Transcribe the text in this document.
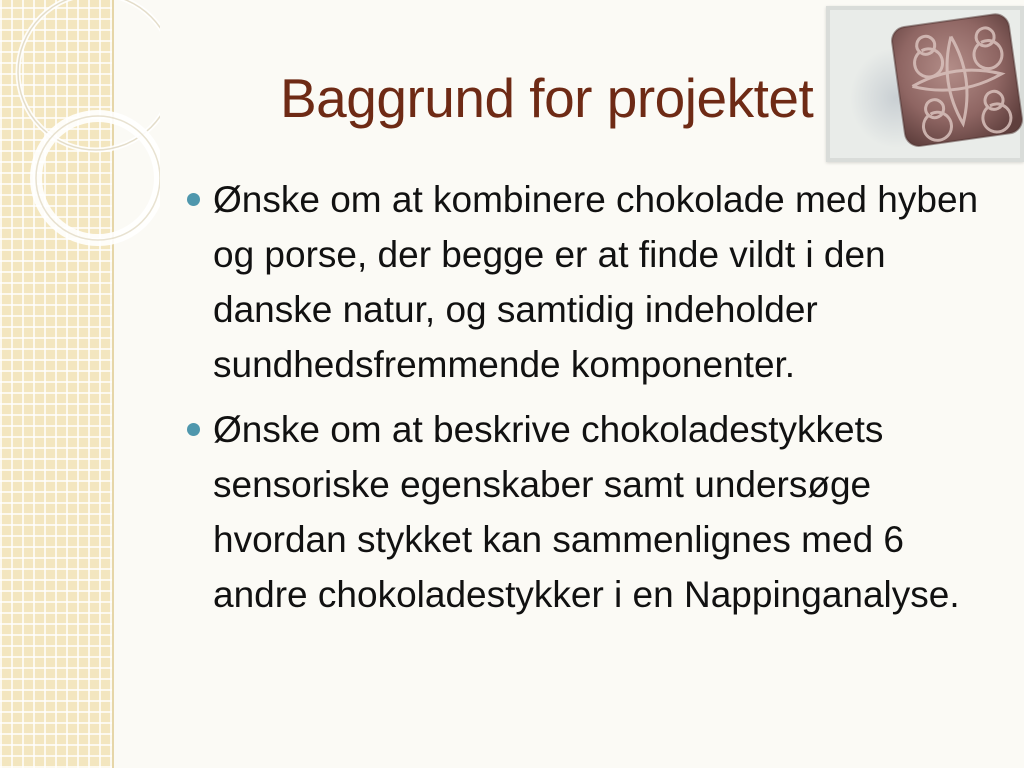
Baggrund for projektet
Ønske om at kombinere chokolade med hyben og porse, der begge er at finde vildt i den danske natur, og samtidig indeholder sundhedsfremmende komponenter.
Ønske om at beskrive chokoladestykkets sensoriske egenskaber samt undersøge hvordan stykket kan sammenlignes med 6 andre chokoladestykker i en Nappinganalyse.
